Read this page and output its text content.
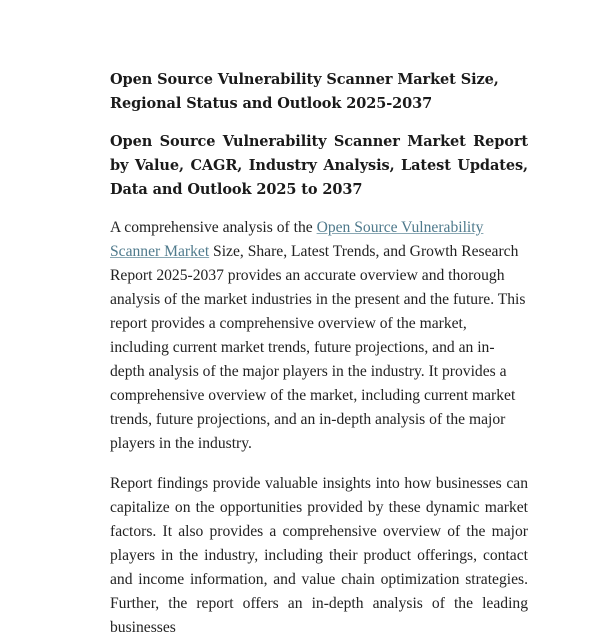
Open Source Vulnerability Scanner Market Size, Regional Status and Outlook 2025-2037
Open Source Vulnerability Scanner Market Report by Value, CAGR, Industry Analysis, Latest Updates, Data and Outlook 2025 to 2037

A comprehensive analysis of the Open Source Vulnerability Scanner Market Size, Share, Latest Trends, and Growth Research Report 2025-2037 provides an accurate overview and thorough analysis of the market industries in the present and the future. This report provides a comprehensive overview of the market, including current market trends, future projections, and an in-depth analysis of the major players in the industry. It provides a comprehensive overview of the market, including current market trends, future projections, and an in-depth analysis of the major players in the industry.

Report findings provide valuable insights into how businesses can capitalize on the opportunities provided by these dynamic market factors. It also provides a comprehensive overview of the major players in the industry, including their product offerings, contact and income information, and value chain optimization strategies. Further, the report offers an in-depth analysis of the leading businesses
